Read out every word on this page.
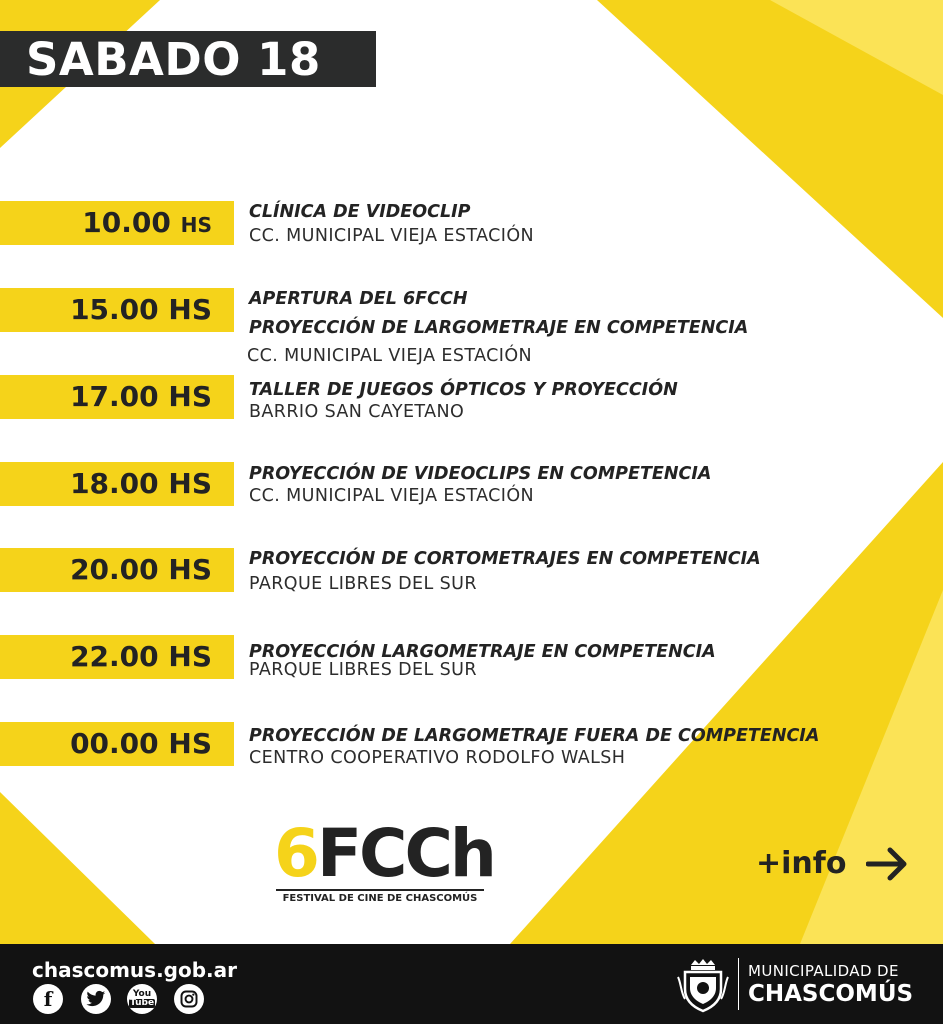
SABADO 18
10.00 HS
CLÍNICA DE VIDEOCLIP
CC. MUNICIPAL VIEJA ESTACIÓN
15.00 HS APERTURA DEL 6FCCH
PROYECCIÓN DE LARGOMETRAJE EN COMPETENCIA
CC. MUNICIPAL VIEJA ESTACIÓN
17.00 HS TALLER DE JUEGOS ÓPTICOS Y PROYECCIÓN
BARRIO SAN CAYETANO
18.00 HS PROYECCIÓN DE VIDEOCLIPS EN COMPETENCIA
CC. MUNICIPAL VIEJA ESTACIÓN
20.00 HS PROYECCIÓN DE CORTOMETRAJES EN COMPETENCIA
PARQUE LIBRES DEL SUR
22.00 HS PROYECCIÓN LARGOMETRAJE EN COMPETENCIA
PARQUE LIBRES DEL SUR
00.00 HS PROYECCIÓN DE LARGOMETRAJE FUERA DE COMPETENCIA
CENTRO COOPERATIVO RODOLFO WALSH
6FCCh
FESTIVAL DE CINE DE CHASCOMÚS
+info
chascomus.gob.ar
f	You
Tube
MUNICIPALIDAD DE
CHASCOMÚS
